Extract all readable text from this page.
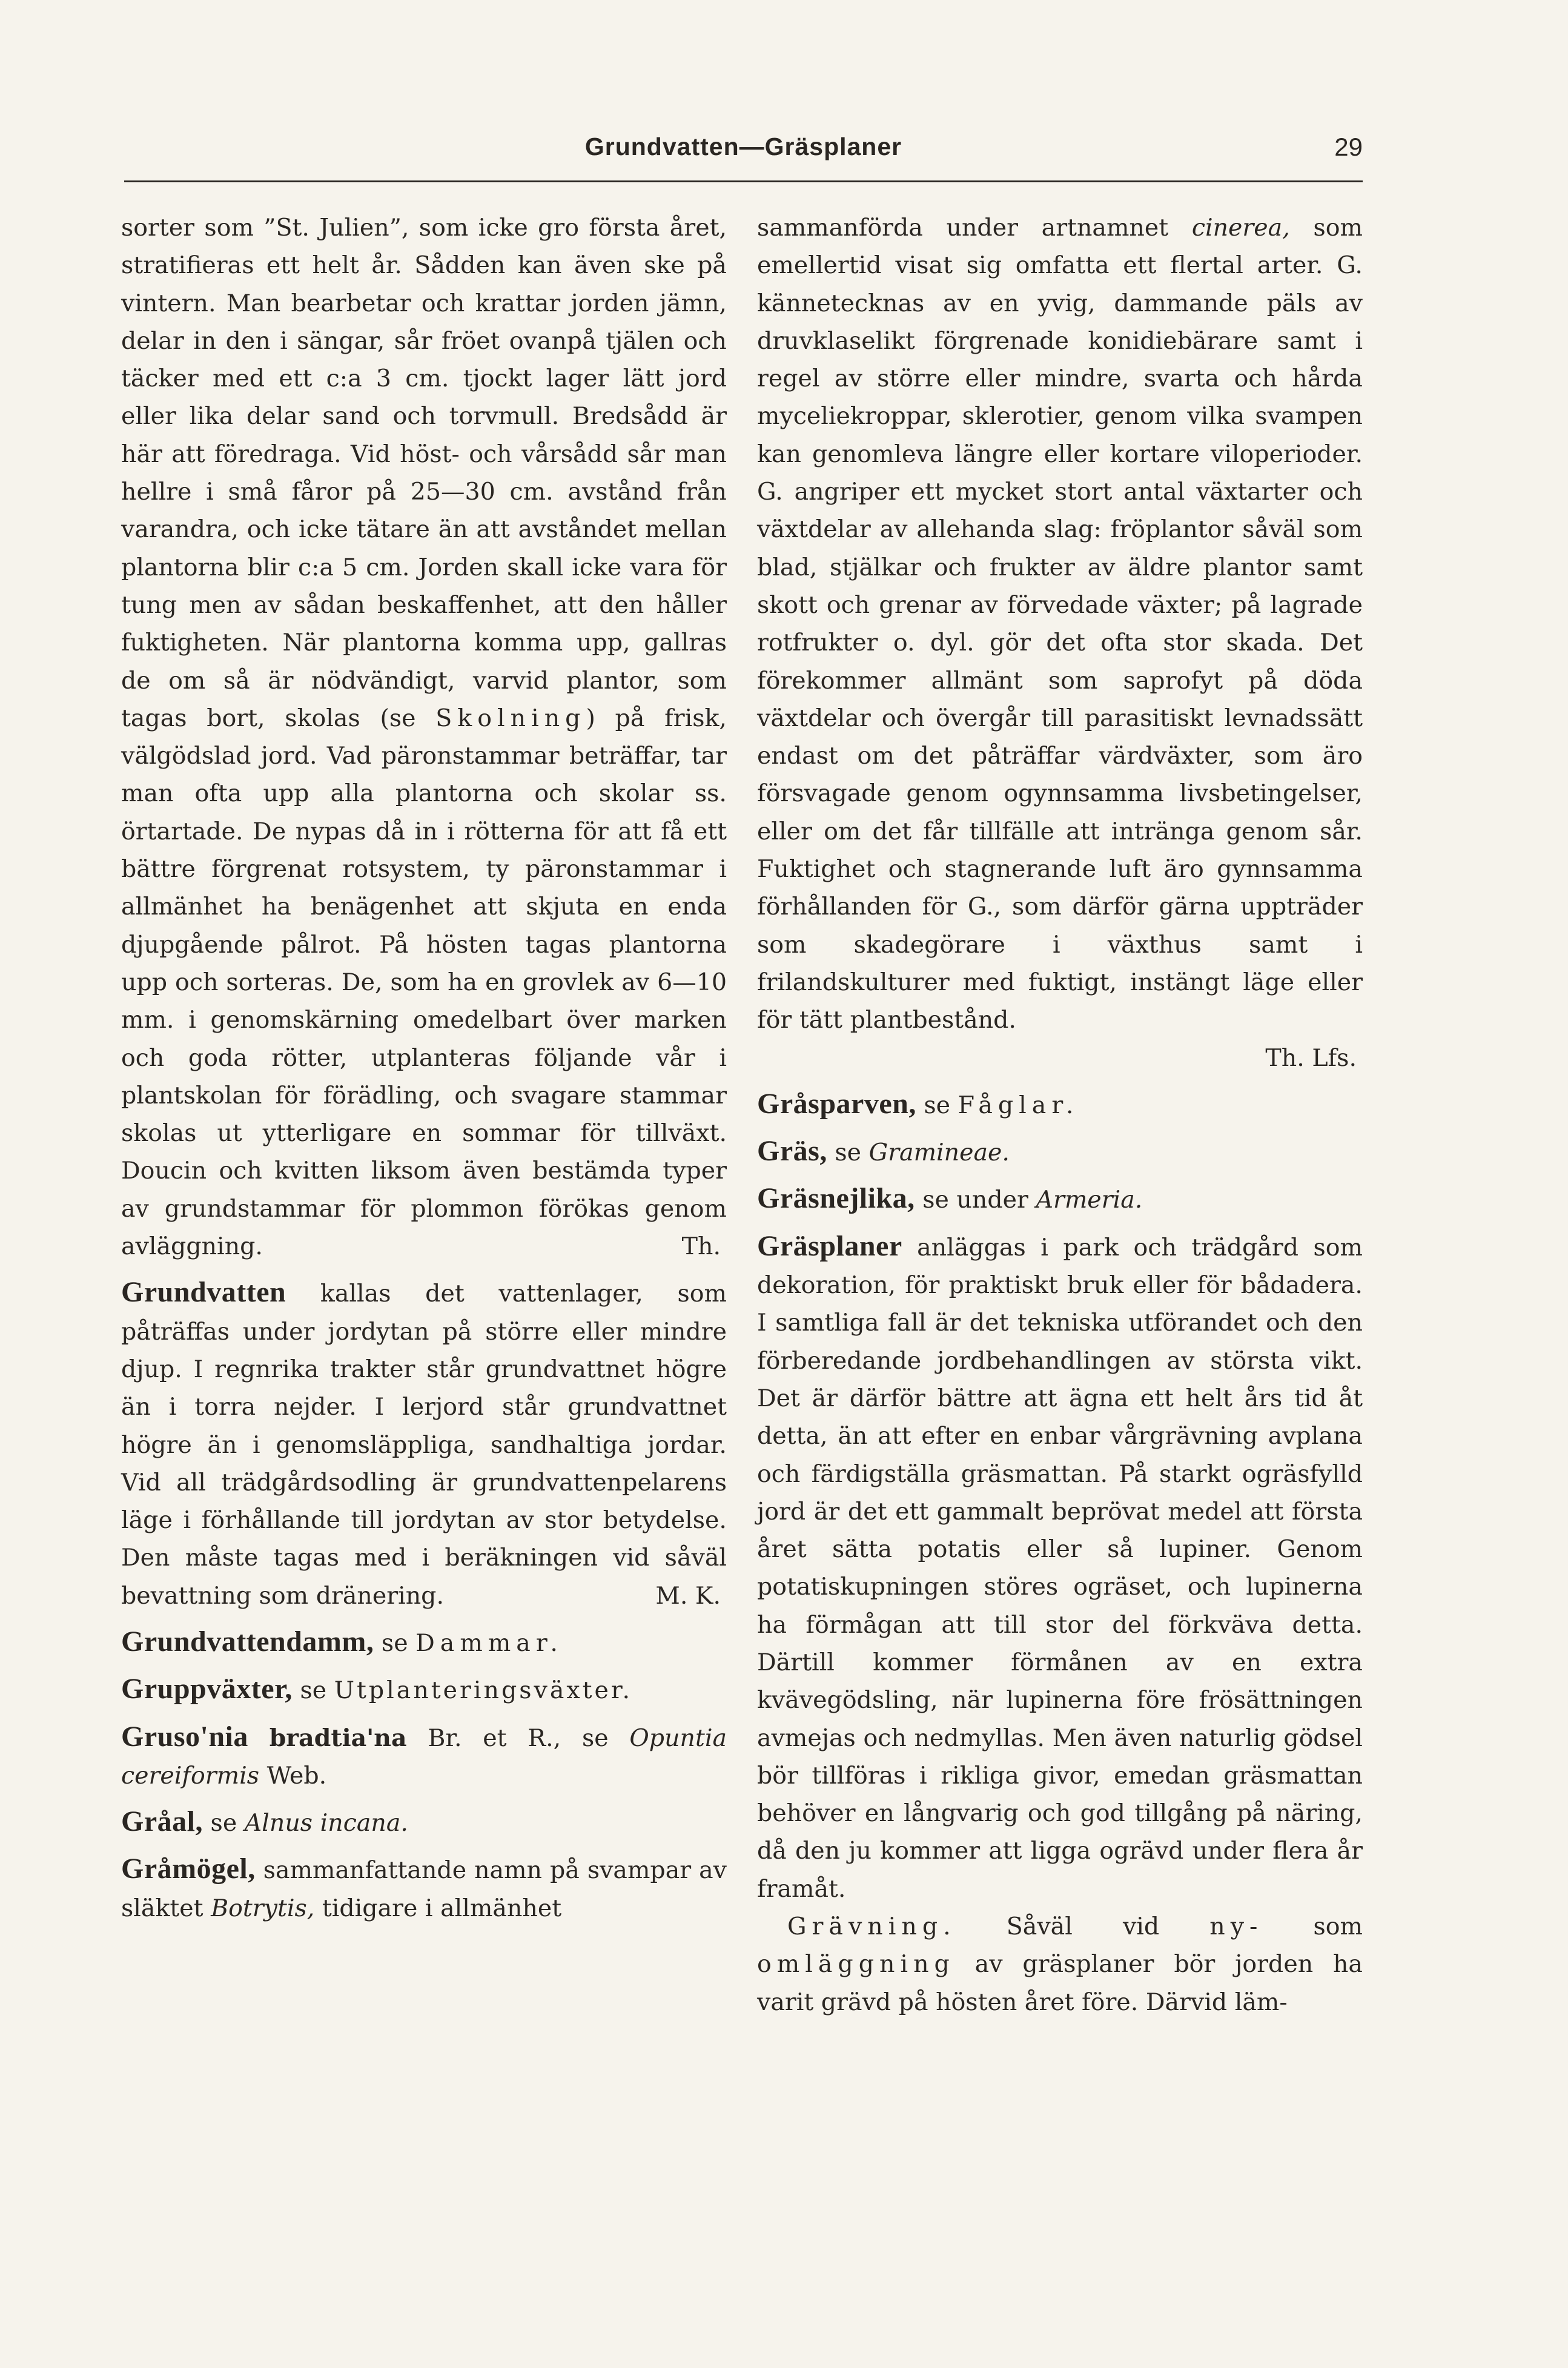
Grundvatten—Gräsplaner	29

sorter som ”St. Julien”, som icke gro första året, stratifieras ett helt år. Sådden kan även ske på vintern. Man bearbetar och krattar jorden jämn, delar in den i sängar, sår fröet ovanpå tjälen och täcker med ett c:a 3 cm. tjockt lager lätt jord eller lika delar sand och torvmull. Bredsådd är här att föredraga. Vid höst- och vårsådd sår man hellre i små fåror på 25—30 cm. avstånd från varandra, och icke tätare än att avståndet mellan plantorna blir c:a 5 cm. Jorden skall icke vara för tung men av sådan beskaffenhet, att den håller fuktigheten. När plantorna komma upp, gallras de om så är nödvändigt, varvid plantor, som tagas bort, skolas (se Skolning) på frisk, välgödslad jord. Vad päronstammar beträffar, tar man ofta upp alla plantorna och skolar ss. örtartade. De nypas då in i rötterna för att få ett bättre förgrenat rotsystem, ty päronstammar i allmänhet ha benägenhet att skjuta en enda djupgående pålrot. På hösten tagas plantorna upp och sorteras. De, som ha en grovlek av 6—10 mm. i genomskärning omedelbart över marken och goda rötter, utplanteras följande vår i plantskolan för förädling, och svagare stammar skolas ut ytterligare en sommar för tillväxt. Doucin och kvitten liksom även bestämda typer av grundstammar för plommon förökas genom avläggning.	Th.

Grundvatten kallas det vattenlager, som påträffas under jordytan på större eller mindre djup. I regnrika trakter står grundvattnet högre än i torra nejder. I lerjord står grundvattnet högre än i genomsläppliga, sandhaltiga jordar. Vid all trädgårdsodling är grundvattenpelarens läge i förhållande till jordytan av stor betydelse. Den måste tagas med i beräkningen vid såväl bevattning som dränering.	M. K.

Grundvattendamm, se Dammar.

Gruppväxter, se Utplanteringsväxter.

Gruso'nia bradtia'na Br. et R., se Opuntia cereiformis Web.

Gråal, se Alnus incana.

Gråmögel, sammanfattande namn på svampar av släktet Botrytis, tidigare i allmänhet

sammanförda under artnamnet cinerea, som emellertid visat sig omfatta ett flertal arter. G. kännetecknas av en yvig, dammande päls av druvklaselikt förgrenade konidiebärare samt i regel av större eller mindre, svarta och hårda myceliekroppar, sklerotier, genom vilka svampen kan genomleva längre eller kortare viloperioder. G. angriper ett mycket stort antal växtarter och växtdelar av allehanda slag: fröplantor såväl som blad, stjälkar och frukter av äldre plantor samt skott och grenar av förvedade växter; på lagrade rotfrukter o. dyl. gör det ofta stor skada. Det förekommer allmänt som saprofyt på döda växtdelar och övergår till parasitiskt levnadssätt endast om det påträffar värdväxter, som äro försvagade genom ogynnsamma livsbetingelser, eller om det får tillfälle att intränga genom sår. Fuktighet och stagnerande luft äro gynnsamma förhållanden för G., som därför gärna uppträder som skadegörare i växthus samt i frilandskulturer med fuktigt, instängt läge eller för tätt plantbestånd.
Th. Lfs.

Gråsparven, se Fåglar.

Gräs, se Gramineae.

Gräsnejlika, se under Armeria.

Gräsplaner anläggas i park och trädgård som dekoration, för praktiskt bruk eller för bådadera. I samtliga fall är det tekniska utförandet och den förberedande jordbehandlingen av största vikt. Det är därför bättre att ägna ett helt års tid åt detta, än att efter en enbar vårgrävning avplana och färdigställa gräsmattan. På starkt ogräsfylld jord är det ett gammalt beprövat medel att första året sätta potatis eller så lupiner. Genom potatiskupningen störes ogräset, och lupinerna ha förmågan att till stor del förkväva detta. Därtill kommer förmånen av en extra kvävegödsling, när lupinerna före frösättningen avmejas och nedmyllas. Men även naturlig gödsel bör tillföras i rikliga givor, emedan gräsmattan behöver en långvarig och god tillgång på näring, då den ju kommer att ligga ogrävd under flera år framåt.

Grävning. Såväl vid ny- som omläggning av gräsplaner bör jorden ha varit grävd på hösten året före. Därvid läm-
